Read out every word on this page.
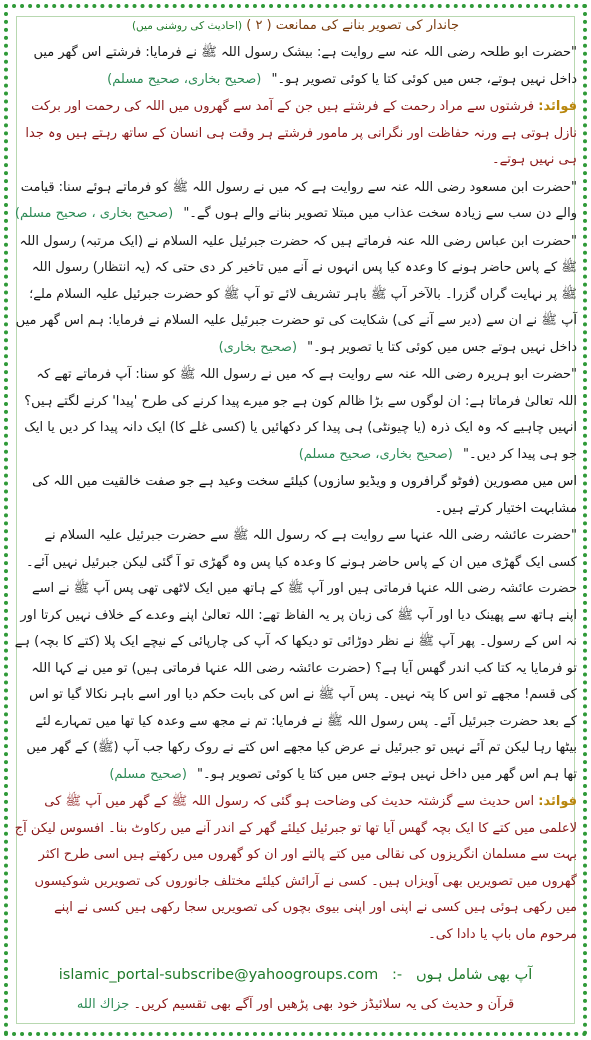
جاندار کی تصویر بنانے کی ممانعت ( ۲ ) (احادیث کی روشنی میں)

"حضرت ابو طلحہ رضی اللہ عنہ سے روایت ہے: بیشک رسول اللہ ﷺ نے فرمایا: فرشتے اس گھر میں داخل نہیں ہوتے، جس میں کوئی کتا یا کوئی تصویر ہو۔" (صحیح بخاری، صحیح مسلم)

فوائد: فرشتوں سے مراد رحمت کے فرشتے ہیں جن کے آمد سے گھروں میں اللہ کی رحمت اور برکت نازل ہوتی ہے ورنہ حفاظت اور نگرانی پر مامور فرشتے ہر وقت ہی انسان کے ساتھ رہتے ہیں وہ جدا ہی نہیں ہوتے۔

"حضرت ابن مسعود رضی اللہ عنہ سے روایت ہے کہ میں نے رسول اللہ ﷺ کو فرماتے ہوئے سنا: قیامت والے دن سب سے زیادہ سخت عذاب میں مبتلا تصویر بنانے والے ہوں گے۔" (صحیح بخاری ، صحیح مسلم)

"حضرت ابن عباس رضی اللہ عنہ فرماتے ہیں کہ حضرت جبرئیل علیہ السلام نے (ایک مرتبہ) رسول اللہ ﷺ کے پاس حاضر ہونے کا وعدہ کیا پس انہوں نے آنے میں تاخیر کر دی حتی کہ (یہ انتظار) رسول اللہ ﷺ پر نہایت گراں گزرا۔ بالآخر آپ ﷺ باہر تشریف لائے تو آپ ﷺ کو حضرت جبرئیل علیہ السلام ملے؛ آپ ﷺ نے ان سے (دیر سے آنے کی) شکایت کی تو حضرت جبرئیل علیہ السلام نے فرمایا: ہم اس گھر میں داخل نہیں ہوتے جس میں کوئی کتا یا تصویر ہو۔" (صحیح بخاری)

"حضرت ابو ہریرہ رضی اللہ عنہ سے روایت ہے کہ میں نے رسول اللہ ﷺ کو سنا: آپ فرماتے تھے کہ اللہ تعالیٰ فرماتا ہے: ان لوگوں سے بڑا ظالم کون ہے جو میرے پیدا کرنے کی طرح 'پیدا' کرنے لگتے ہیں؟ انہیں چاہیے کہ وہ ایک ذرہ (یا چیونٹی) ہی پیدا کر دکھائیں یا (کسی غلے کا) ایک دانہ پیدا کر دیں یا ایک جو ہی پیدا کر دیں۔" (صحیح بخاری، صحیح مسلم)

اس میں مصورین (فوٹو گرافروں و ویڈیو سازوں) کیلئے سخت وعید ہے جو صفت خالقیت میں اللہ کی مشابہت اختیار کرتے ہیں۔

"حضرت عائشہ رضی اللہ عنہا سے روایت ہے کہ رسول اللہ ﷺ سے حضرت جبرئیل علیہ السلام نے کسی ایک گھڑی میں ان کے پاس حاضر ہونے کا وعدہ کیا پس وہ گھڑی تو آ گئی لیکن جبرئیل نہیں آئے۔ حضرت عائشہ رضی اللہ عنہا فرماتی ہیں اور آپ ﷺ کے ہاتھ میں ایک لاٹھی تھی پس آپ ﷺ نے اسے اپنے ہاتھ سے پھینک دیا اور آپ ﷺ کی زبان پر یہ الفاظ تھے: اللہ تعالیٰ اپنے وعدے کے خلاف نہیں کرتا اور نہ اس کے رسول۔ پھر آپ ﷺ نے نظر دوڑائی تو دیکھا کہ آپ کی چارپائی کے نیچے ایک پلا (کتے کا بچہ) ہے تو فرمایا یہ کتا کب اندر گھس آیا ہے؟ (حضرت عائشہ رضی اللہ عنہا فرماتی ہیں) تو میں نے کہا اللہ کی قسم! مجھے تو اس کا پتہ نہیں۔ پس آپ ﷺ نے اس کی بابت حکم دیا اور اسے باہر نکالا گیا تو اس کے بعد حضرت جبرئیل آئے۔ پس رسول اللہ ﷺ نے فرمایا: تم نے مجھ سے وعدہ کیا تھا میں تمہارے لئے بیٹھا رہا لیکن تم آئے نہیں تو جبرئیل نے عرض کیا مجھے اس کتے نے روک رکھا جب آپ (ﷺ) کے گھر میں تھا ہم اس گھر میں داخل نہیں ہوتے جس میں کتا یا کوئی تصویر ہو۔" (صحیح مسلم)

فوائد: اس حدیث سے گزشتہ حدیث کی وضاحت ہو گئی کہ رسول اللہ ﷺ کے گھر میں آپ ﷺ کی لاعلمی میں کتے کا ایک بچہ گھس آیا تھا تو جبرئیل کیلئے گھر کے اندر آنے میں رکاوٹ بنا۔ افسوس لیکن آج بہت سے مسلمان انگریزوں کی نقالی میں کتے پالتے اور ان کو گھروں میں رکھتے ہیں اسی طرح اکثر گھروں میں تصویریں بھی آویزاں ہیں۔ کسی نے آرائش کیلئے مختلف جانوروں کی تصویریں شوکیسوں میں رکھی ہوئی ہیں کسی نے اپنی اور اپنی بیوی بچوں کی تصویریں سجا رکھی ہیں کسی نے اپنے مرحوم ماں باپ یا دادا کی۔

islamic_portal-subscribe@yahoogroups.com   :-   آپ بھی شامل ہوں
قرآن و حدیث کی یہ سلائیڈز خود بھی پڑھیں اور آگے بھی تقسیم کریں۔ جزاك الله
